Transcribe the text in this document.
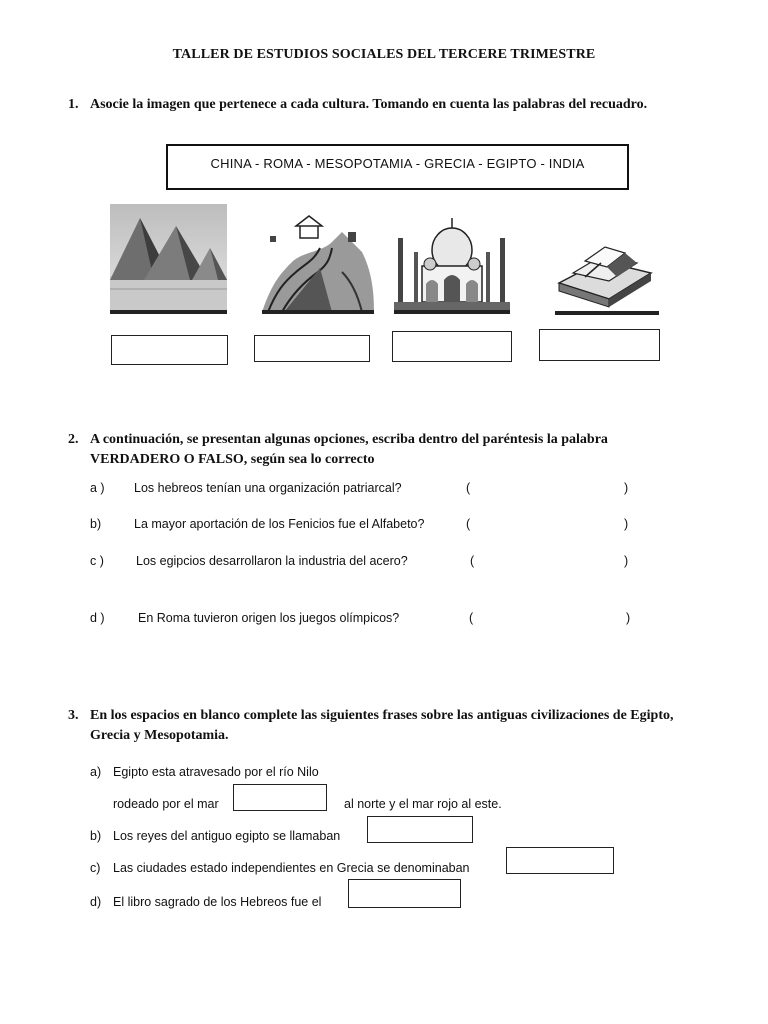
TALLER DE ESTUDIOS SOCIALES DEL TERCERE TRIMESTRE
1. Asocie la imagen que pertenece a cada cultura. Tomando en cuenta las palabras del recuadro.
CHINA - ROMA - MESOPOTAMIA - GRECIA - EGIPTO - INDIA
2. A continuación, se presentan algunas opciones, escriba dentro del paréntesis la palabra
VERDADERO O FALSO, según sea lo correcto
a ) Los hebreos tenían una organización patriarcal?	(	)
b)	La mayor aportación de los Fenicios fue el Alfabeto?	(	)
c )	Los egipcios desarrollaron la industria del acero?	(	)
d )	En Roma tuvieron origen los juegos olímpicos?	(	)
3. En los espacios en blanco complete las siguientes frases sobre las antiguas civilizaciones de Egipto,
Grecia y Mesopotamia.
a) Egipto esta atravesado por el río Nilo
rodeado por el mar	al norte y el mar rojo al este.
b) Los reyes del antiguo egipto se llamaban
c) Las ciudades estado independientes en Grecia se denominaban
d) El libro sagrado de los Hebreos fue el
